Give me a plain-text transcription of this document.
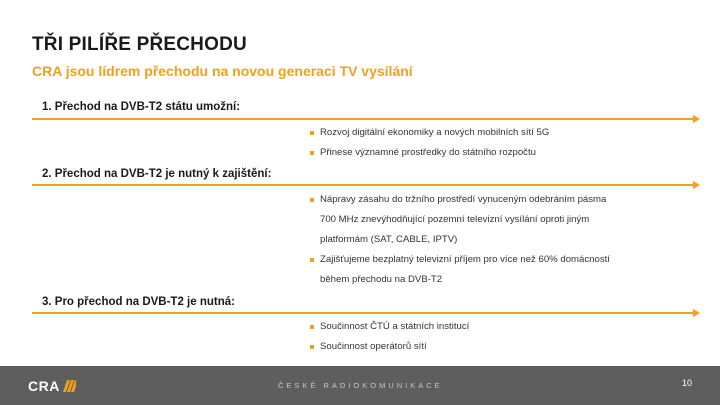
TŘI PILÍŘE PŘECHODU
CRA jsou lídrem přechodu na novou generaci TV vysílání
1. Přechod na DVB-T2 státu umožní:
Rozvoj digitální ekonomiky a nových mobilních sítí 5G
Přinese významné prostředky do státního rozpočtu
2. Přechod na DVB-T2 je nutný k zajištění:
Nápravy zásahu do tržního prostředí vynuceným odebráním pásma
700 MHz znevýhodňující pozemní televizní vysílání oproti jiným
platformám (SAT, CABLE, IPTV)
Zajišťujeme bezplatný televizní příjem pro více než 60% domácností
během přechodu na DVB-T2
3. Pro přechod na DVB-T2 je nutná:
Součinnost ČTÚ a státních institucí
Součinnost operátorů sítí
CRA	ČESKÉ RADIOKOMUNIKACE	10
